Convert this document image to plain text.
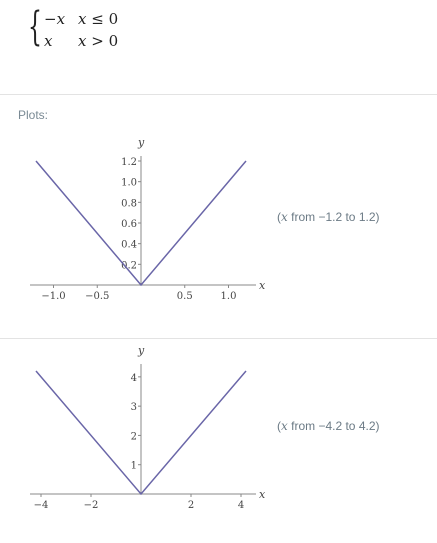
{ −x x ≤ 0
x	x > 0
Plots:
x
y
−1.0 −0.5	0.5	1.0
0.2
0.4
0.6
0.8
1.0
1.2
(x from −1.2 to 1.2)
x
y
−4	−2	2	4
1
2
3
4
(x from −4.2 to 4.2)
